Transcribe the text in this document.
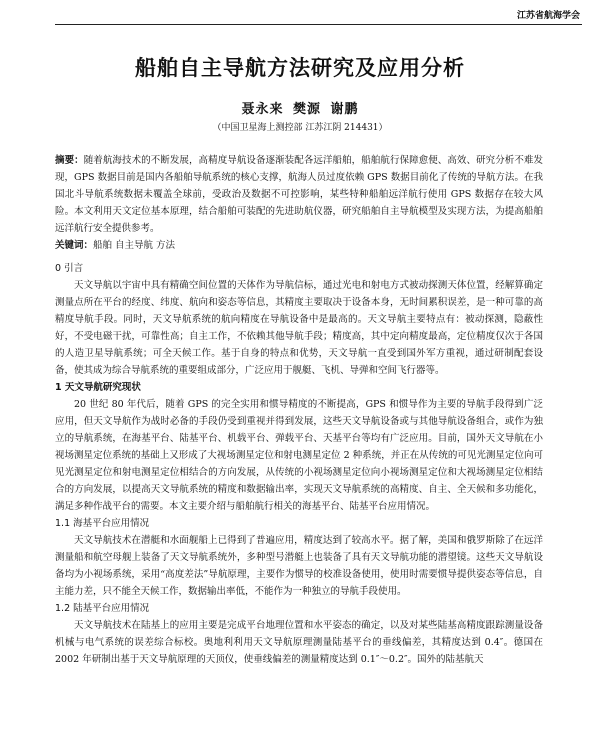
江苏省航海学会
船舶自主导航方法研究及应用分析
聂永来 樊源 谢鹏
（中国卫星海上测控部 江苏江阴 214431）

摘要：随着航海技术的不断发展，高精度导航设备逐渐装配各远洋船舶，船舶航行保障愈便、高效、研究分析不难发现，GPS 数据目前是国内各船舶导航系统的核心支撑，航海人员过度依赖 GPS 数据目前化了传统的导航方法。在我国北斗导航系统数据未覆盖全球前，受政治及数据不可控影响，某些特种船舶远洋航行使用 GPS 数据存在较大风险。本文利用天文定位基本原理，结合船舶可装配的先进助航仪器，研究船舶自主导航模型及实现方法，为提高船舶远洋航行安全提供参考。

关键词：船舶 自主导航 方法

0 引言

天文导航以宇宙中具有精确空间位置的天体作为导航信标，通过光电和射电方式被动探测天体位置，经解算确定测量点所在平台的经度、纬度、航向和姿态等信息，其精度主要取决于设备本身，无时间累积误差，是一种可靠的高精度导航手段。同时，天文导航系统的航向精度在导航设备中是最高的。天文导航主要特点有：被动探测，隐蔽性好，不受电磁干扰，可靠性高；自主工作，不依赖其他导航手段；精度高，其中定向精度最高，定位精度仅次于各国的人造卫星导航系统；可全天候工作。基于自身的特点和优势，天文导航一直受到国外军方重视，通过研制配套设备，使其成为综合导航系统的重要组成部分，广泛应用于舰艇、飞机、导弹和空间飞行器等。

1 天文导航研究现状

20 世纪 80 年代后，随着 GPS 的完全实用和惯导精度的不断提高，GPS 和惯导作为主要的导航手段得到广泛应用，但天文导航作为战时必备的手段仍受到重视并得到发展，这些天文导航设备或与其他导航设备组合，或作为独立的导航系统，在海基平台、陆基平台、机载平台、弹载平台、天基平台等均有广泛应用。目前，国外天文导航在小视场测星定位系统的基础上又形成了大视场测星定位和射电测星定位 2 种系统，并正在从传统的可见光测星定位向可见光测星定位和射电测星定位相结合的方向发展，从传统的小视场测星定位向小视场测星定位和大视场测星定位相结合的方向发展，以提高天文导航系统的精度和数据输出率，实现天文导航系统的高精度、自主、全天候和多功能化，满足多种作战平台的需要。本文主要介绍与船舶航行相关的海基平台、陆基平台应用情况。

1.1 海基平台应用情况

天文导航技术在潜艇和水面舰船上已得到了普遍应用，精度达到了较高水平。据了解，美国和俄罗斯除了在远洋测量船和航空母舰上装备了天文导航系统外，多种型号潜艇上也装备了具有天文导航功能的潜望镜。这些天文导航设备均为小视场系统，采用“高度差法”导航原理，主要作为惯导的校准设备使用，使用时需要惯导提供姿态等信息，自主能力差，只不能全天候工作，数据输出率低，不能作为一种独立的导航手段使用。

1.2 陆基平台应用情况

天文导航技术在陆基上的应用主要是完成平台地理位置和水平姿态的确定，以及对某些陆基高精度跟踪测量设备机械与电气系统的误差综合标校。奥地利利用天文导航原理测量陆基平台的垂线偏差，其精度达到 0.4″。德国在 2002 年研制出基于天文导航原理的天顶仪，使垂线偏差的测量精度达到 0.1″～0.2″。国外的陆基航天
